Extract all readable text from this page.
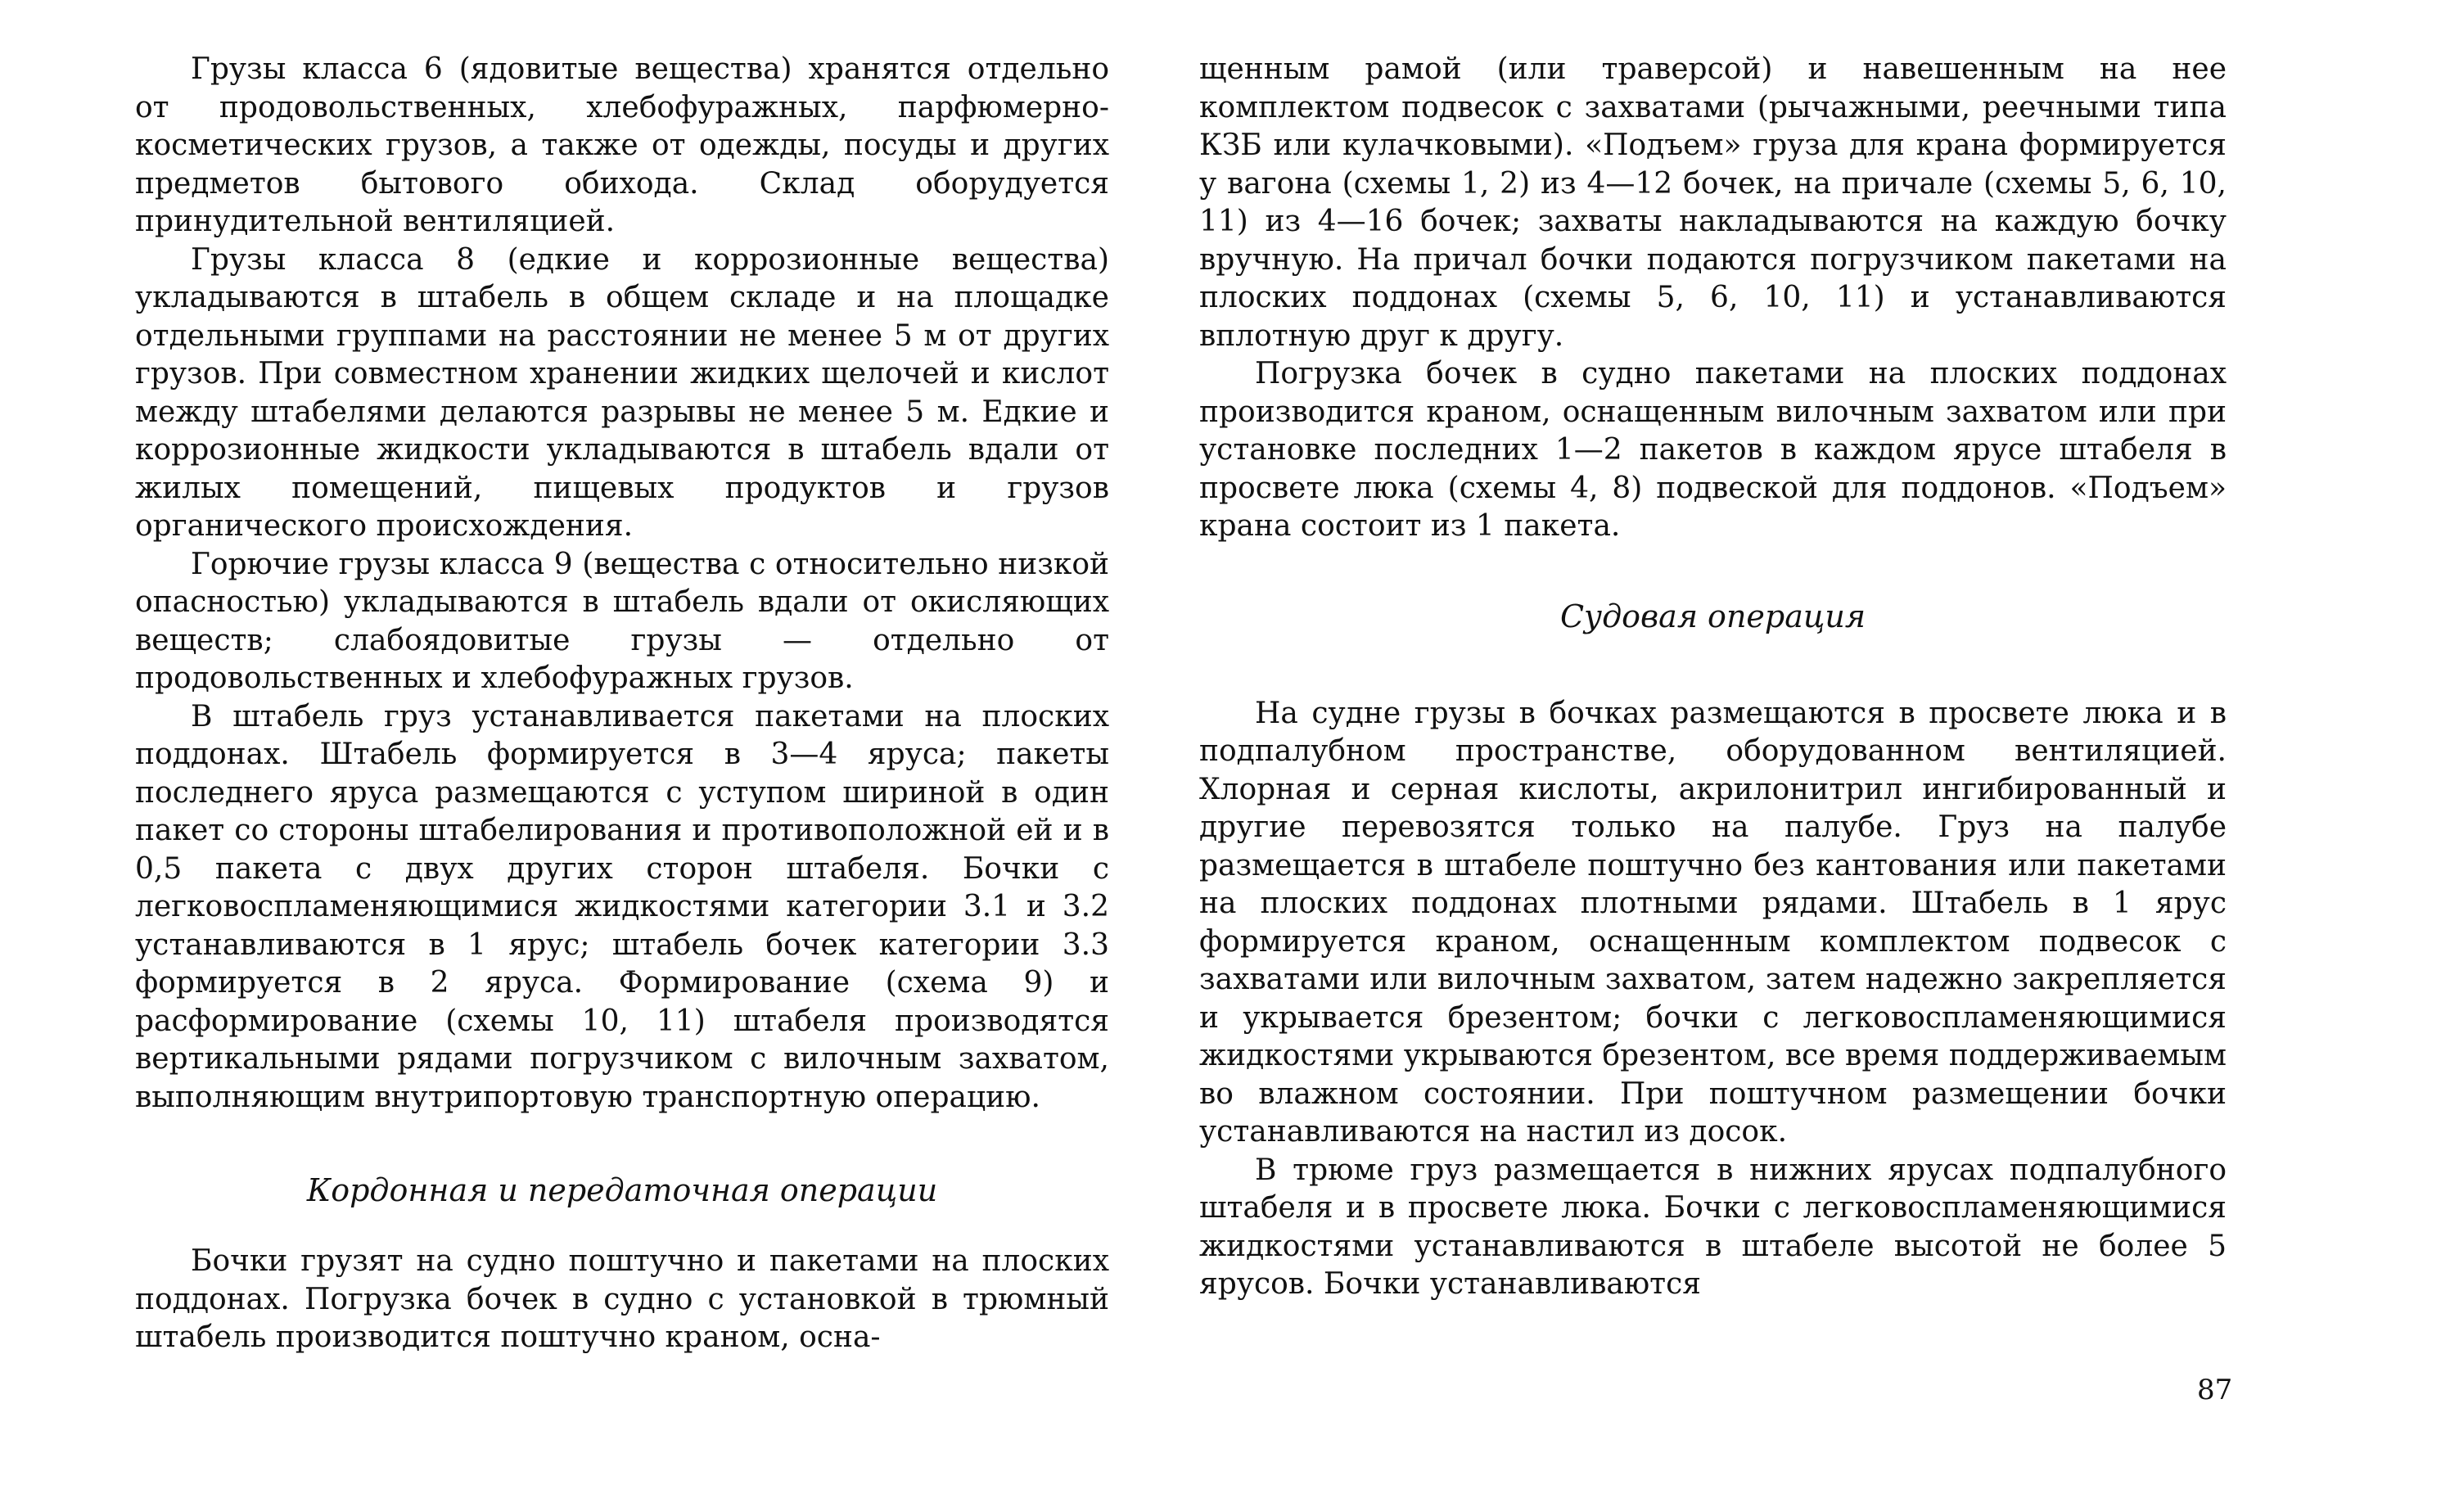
Грузы класса 6 (ядовитые вещества) хранятся отдельно от продовольственных, хлебофуражных, парфюмерно-косметических грузов, а также от одежды, посуды и других предметов бытового обихода. Склад оборудуется принудительной вентиляцией.

Грузы класса 8 (едкие и коррозионные вещества) укладываются в штабель в общем складе и на площадке отдельными группами на расстоянии не менее 5 м от других грузов. При совместном хранении жидких щелочей и кислот между штабелями делаются разрывы не менее 5 м. Едкие и коррозионные жидкости укладываются в штабель вдали от жилых помещений, пищевых продуктов и грузов органического происхождения.

Горючие грузы класса 9 (вещества с относительно низкой опасностью) укладываются в штабель вдали от окисляющих веществ; слабоядовитые грузы — отдельно от продовольственных и хлебофуражных грузов.

В штабель груз устанавливается пакетами на плоских поддонах. Штабель формируется в 3—4 яруса; пакеты последнего яруса размещаются с уступом шириной в один пакет со стороны штабелирования и противоположной ей и в 0,5 пакета с двух других сторон штабеля. Бочки с легковоспламеняющимися жидкостями категории 3.1 и 3.2 устанавливаются в 1 ярус; штабель бочек категории 3.3 формируется в 2 яруса. Формирование (схема 9) и расформирование (схемы 10, 11) штабеля производятся вертикальными рядами погрузчиком с вилочным захватом, выполняющим внутрипортовую транспортную операцию.

Кордонная и передаточная операции

Бочки грузят на судно поштучно и пакетами на плоских поддонах. Погрузка бочек в судно с установкой в трюмный штабель производится поштучно краном, осна-

щенным рамой (или траверсой) и навешенным на нее комплектом подвесок с захватами (рычажными, реечными типа КЗБ или кулачковыми). «Подъем» груза для крана формируется у вагона (схемы 1, 2) из 4—12 бочек, на причале (схемы 5, 6, 10, 11) из 4—16 бочек; захваты накладываются на каждую бочку вручную. На причал бочки подаются погрузчиком пакетами на плоских поддонах (схемы 5, 6, 10, 11) и устанавливаются вплотную друг к другу.

Погрузка бочек в судно пакетами на плоских поддонах производится краном, оснащенным вилочным захватом или при установке последних 1—2 пакетов в каждом ярусе штабеля в просвете люка (схемы 4, 8) подвеской для поддонов. «Подъем» крана состоит из 1 пакета.

Судовая операция

На судне грузы в бочках размещаются в просвете люка и в подпалубном пространстве, оборудованном вентиляцией. Хлорная и серная кислоты, акрилонитрил ингибированный и другие перевозятся только на палубе. Груз на палубе размещается в штабеле поштучно без кантования или пакетами на плоских поддонах плотными рядами. Штабель в 1 ярус формируется краном, оснащенным комплектом подвесок с захватами или вилочным захватом, затем надежно закрепляется и укрывается брезентом; бочки с легковоспламеняющимися жидкостями укрываются брезентом, все время поддерживаемым во влажном состоянии. При поштучном размещении бочки устанавливаются на настил из досок.

В трюме груз размещается в нижних ярусах подпалубного штабеля и в просвете люка. Бочки с легковоспламеняющимися жидкостями устанавливаются в штабеле высотой не более 5 ярусов. Бочки устанавливаются

87
